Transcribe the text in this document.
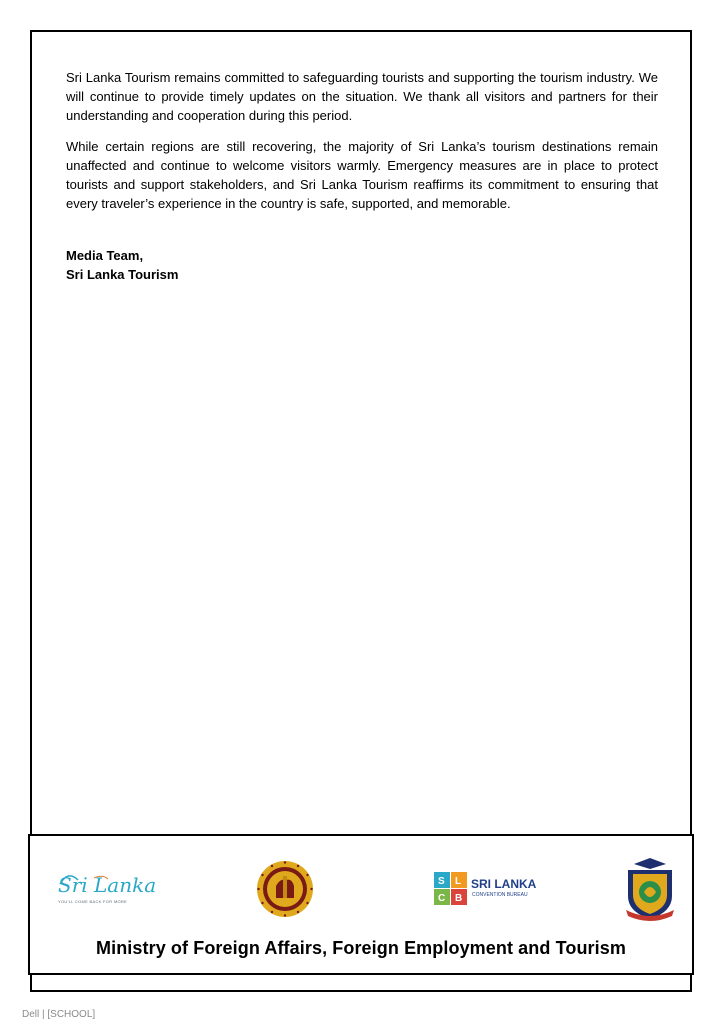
Sri Lanka Tourism remains committed to safeguarding tourists and supporting the tourism industry. We will continue to provide timely updates on the situation. We thank all visitors and partners for their understanding and cooperation during this period.

While certain regions are still recovering, the majority of Sri Lanka’s tourism destinations remain unaffected and continue to welcome visitors warmly. Emergency measures are in place to protect tourists and support stakeholders, and Sri Lanka Tourism reaffirms its commitment to ensuring that every traveler’s experience in the country is safe, supported, and memorable.

Media Team,
Sri Lanka Tourism
Sri Lanka
YOU'LL COME BACK FOR MORE
S L
C B
SRI LANKA
CONVENTION BUREAU
Ministry of Foreign Affairs, Foreign Employment and Tourism
Dell | [SCHOOL]
